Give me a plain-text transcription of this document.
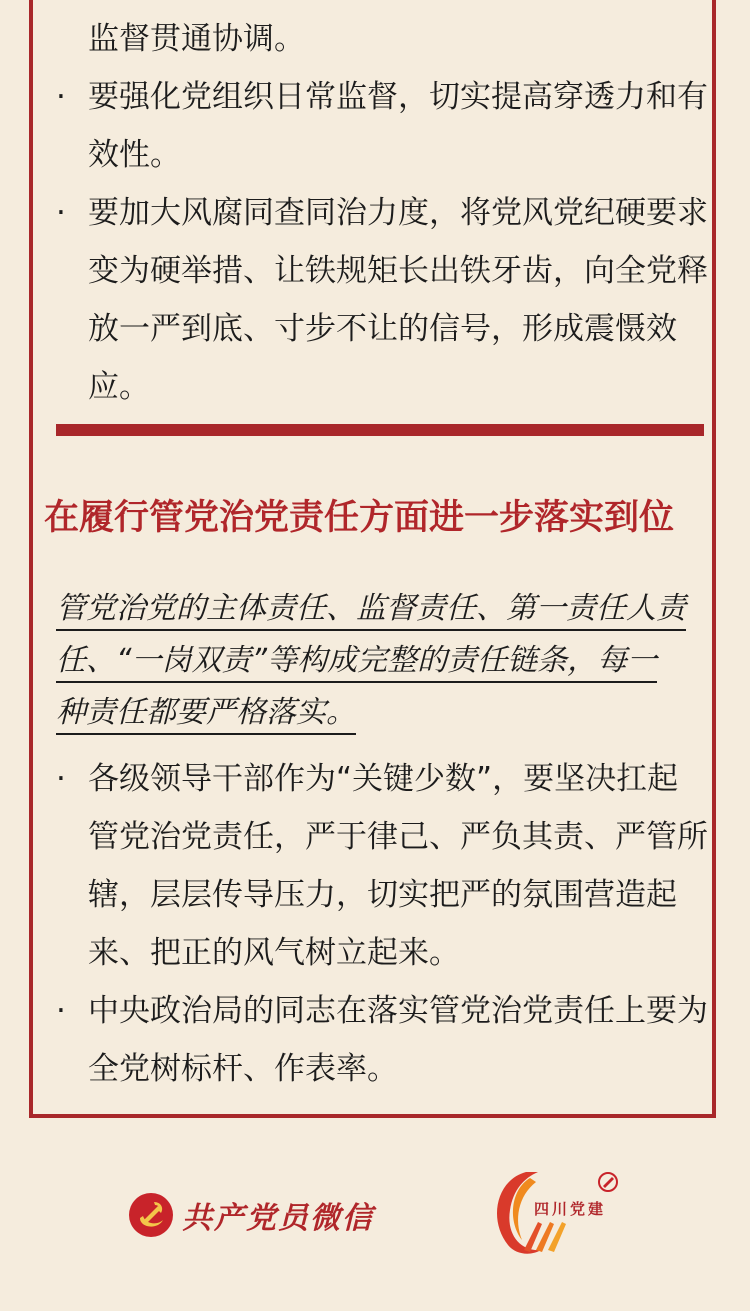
监督贯通协调。
· 要强化党组织日常监督，切实提高穿透力和有
效性。
· 要加大风腐同查同治力度，将党风党纪硬要求
变为硬举措、让铁规矩长出铁牙齿，向全党释
放一严到底、寸步不让的信号，形成震慑效
应。
在履行管党治党责任方面进一步落实到位
管党治党的主体责任、监督责任、第一责任人责
任、“一岗双责”等构成完整的责任链条，每一
种责任都要严格落实。
· 各级领导干部作为“关键少数”，要坚决扛起
管党治党责任，严于律己、严负其责、严管所
辖，层层传导压力，切实把严的氛围营造起
来、把正的风气树立起来。
· 中央政治局的同志在落实管党治党责任上要为
全党树标杆、作表率。
共产党员微信	四川党建
